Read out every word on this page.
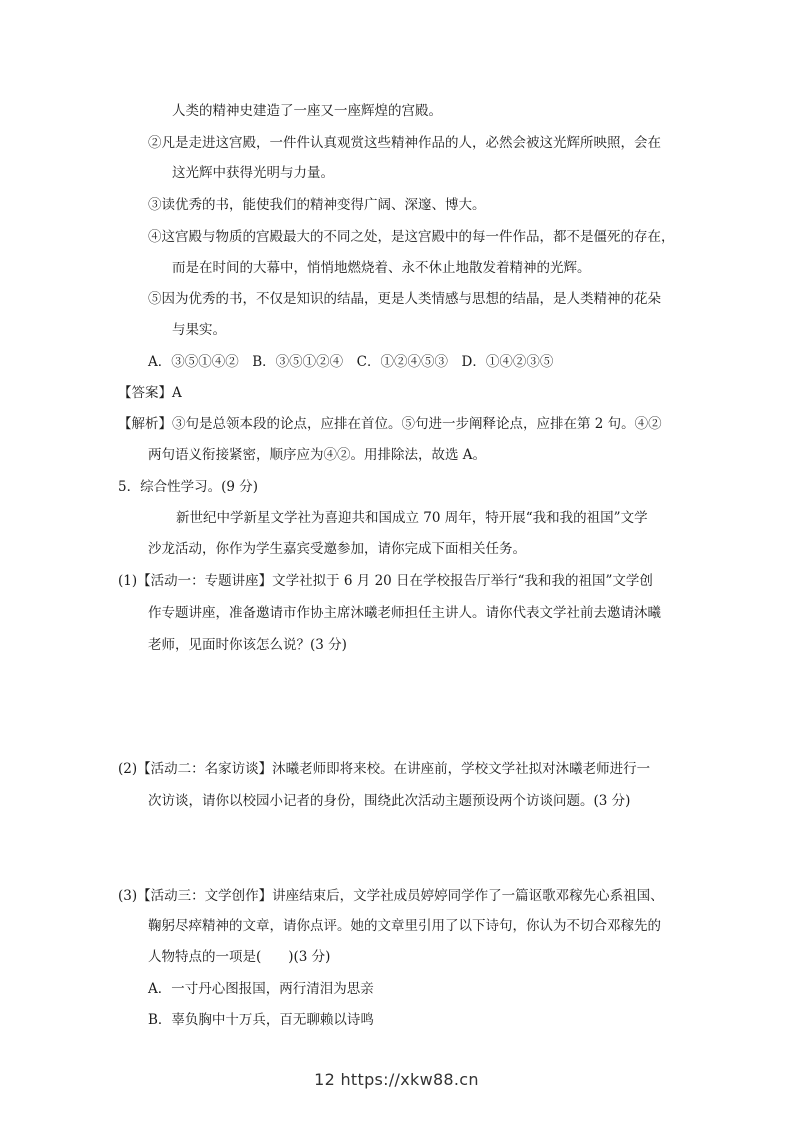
人类的精神史建造了一座又一座辉煌的宫殿。
②凡是走进这宫殿，一件件认真观赏这些精神作品的人，必然会被这光辉所映照，会在
这光辉中获得光明与力量。
③读优秀的书，能使我们的精神变得广阔、深邃、博大。
④这宫殿与物质的宫殿最大的不同之处，是这宫殿中的每一件作品，都不是僵死的存在，
而是在时间的大幕中，悄悄地燃烧着、永不休止地散发着精神的光辉。
⑤因为优秀的书，不仅是知识的结晶，更是人类情感与思想的结晶，是人类精神的花朵
与果实。
A．③⑤①④②　B．③⑤①②④　C．①②④⑤③　D．①④②③⑤
【答案】A
【解析】③句是总领本段的论点，应排在首位。⑤句进一步阐释论点，应排在第 2 句。④②
两句语义衔接紧密，顺序应为④②。用排除法，故选 A。
5．综合性学习。(9 分)
新世纪中学新星文学社为喜迎共和国成立 70 周年，特开展“我和我的祖国”文学
沙龙活动，你作为学生嘉宾受邀参加，请你完成下面相关任务。
(1)【活动一：专题讲座】文学社拟于 6 月 20 日在学校报告厅举行“我和我的祖国”文学创
作专题讲座，准备邀请市作协主席沐曦老师担任主讲人。请你代表文学社前去邀请沐曦
老师，见面时你该怎么说？(3 分)
(2)【活动二：名家访谈】沐曦老师即将来校。在讲座前，学校文学社拟对沐曦老师进行一
次访谈，请你以校园小记者的身份，围绕此次活动主题预设两个访谈问题。(3 分)
(3)【活动三：文学创作】讲座结束后，文学社成员婷婷同学作了一篇讴歌邓稼先心系祖国、
鞠躬尽瘁精神的文章，请你点评。她的文章里引用了以下诗句，你认为不切合邓稼先的
人物特点的一项是(　　)(3 分)
A．一寸丹心图报国，两行清泪为思亲
B．辜负胸中十万兵，百无聊赖以诗鸣
12 https://xkw88.cn
